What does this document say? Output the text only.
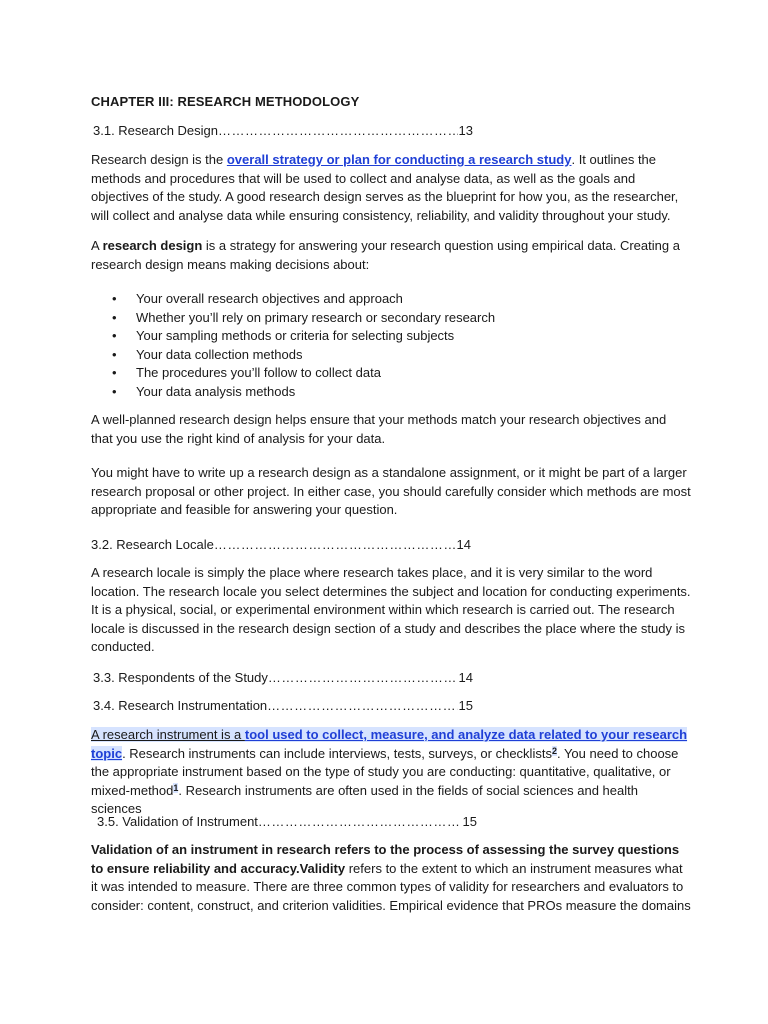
CHAPTER III: RESEARCH METHODOLOGY
3.1. Research Design ……………………………………………………………………………………………………………………………………………………	13

Research design is the overall strategy or plan for conducting a research study. It outlines the methods and procedures that will be used to collect and analyse data, as well as the goals and objectives of the study. A good research design serves as the blueprint for how you, as the researcher, will collect and analyse data while ensuring consistency, reliability, and validity throughout your study.

A research design is a strategy for answering your research question using empirical data. Creating a research design means making decisions about:

• Your overall research objectives and approach
• Whether you’ll rely on primary research or secondary research
• Your sampling methods or criteria for selecting subjects
• Your data collection methods
• The procedures you’ll follow to collect data
• Your data analysis methods

A well-planned research design helps ensure that your methods match your research objectives and that you use the right kind of analysis for your data.

You might have to write up a research design as a standalone assignment, or it might be part of a larger research proposal or other project. In either case, you should carefully consider which methods are most appropriate and feasible for answering your question.

3.2. Research Locale ……………………………………………………………………………………………………………………………………………………	14

A research locale is simply the place where research takes place, and it is very similar to the word location. The research locale you select determines the subject and location for conducting experiments. It is a physical, social, or experimental environment within which research is carried out. The research locale is discussed in the research design section of a study and describes the place where the study is conducted.

3.3. Respondents of the Study ……………………………………………………………………………………………………………………………………………………	14
3.4. Research Instrumentation ……………………………………………………………………………………………………………………………………………………	15

A research instrument is a tool used to collect, measure, and analyze data related to your research topic. Research instruments can include interviews, tests, surveys, or checklists$^2$. You need to choose the appropriate instrument based on the type of study you are conducting: quantitative, qualitative, or mixed-method$^1$. Research instruments are often used in the fields of social sciences and health sciences

3.5. Validation of Instrument ……………………………………………………………………………………………………………………………………………………	15

Validation of an instrument in research refers to the process of assessing the survey questions to ensure reliability and accuracy.Validity refers to the extent to which an instrument measures what it was intended to measure. There are three common types of validity for researchers and evaluators to consider: content, construct, and criterion validities. Empirical evidence that PROs measure the domains
